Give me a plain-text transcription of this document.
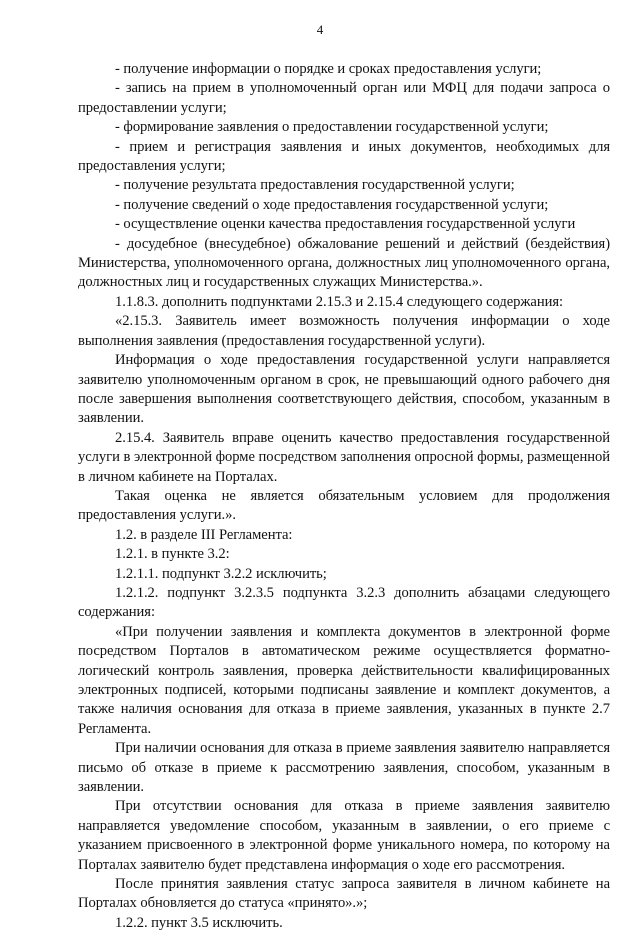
4

- получение информации о порядке и сроках предоставления услуги;

- запись на прием в уполномоченный орган или МФЦ для подачи запроса о предоставлении услуги;

- формирование заявления о предоставлении государственной услуги;

- прием и регистрация заявления и иных документов, необходимых для предоставления услуги;

- получение результата предоставления государственной услуги;

- получение сведений о ходе предоставления государственной услуги;

- осуществление оценки качества предоставления государственной услуги

- досудебное (внесудебное) обжалование решений и действий (бездействия) Министерства, уполномоченного органа, должностных лиц уполномоченного органа, должностных лиц и государственных служащих Министерства.».

1.1.8.3. дополнить подпунктами 2.15.3 и 2.15.4 следующего содержания:

«2.15.3. Заявитель имеет возможность получения информации о ходе выполнения заявления (предоставления государственной услуги).

Информация о ходе предоставления государственной услуги направляется заявителю уполномоченным органом в срок, не превышающий одного рабочего дня после завершения выполнения соответствующего действия, способом, указанным в заявлении.

2.15.4. Заявитель вправе оценить качество предоставления государственной услуги в электронной форме посредством заполнения опросной формы, размещенной в личном кабинете на Порталах.

Такая оценка не является обязательным условием для продолжения предоставления услуги.».

1.2. в разделе III Регламента:

1.2.1. в пункте 3.2:

1.2.1.1. подпункт 3.2.2 исключить;

1.2.1.2. подпункт 3.2.3.5 подпункта 3.2.3 дополнить абзацами следующего содержания:

«При получении заявления и комплекта документов в электронной форме посредством Порталов в автоматическом режиме осуществляется форматно-логический контроль заявления, проверка действительности квалифицированных электронных подписей, которыми подписаны заявление и комплект документов, а также наличия основания для отказа в приеме заявления, указанных в пункте 2.7 Регламента.

При наличии основания для отказа в приеме заявления заявителю направляется письмо об отказе в приеме к рассмотрению заявления, способом, указанным в заявлении.

При отсутствии основания для отказа в приеме заявления заявителю направляется уведомление способом, указанным в заявлении, о его приеме с указанием присвоенного в электронной форме уникального номера, по которому на Порталах заявителю будет представлена информация о ходе его рассмотрения.

После принятия заявления статус запроса заявителя в личном кабинете на Порталах обновляется до статуса «принято».»;

1.2.2. пункт 3.5 исключить.
